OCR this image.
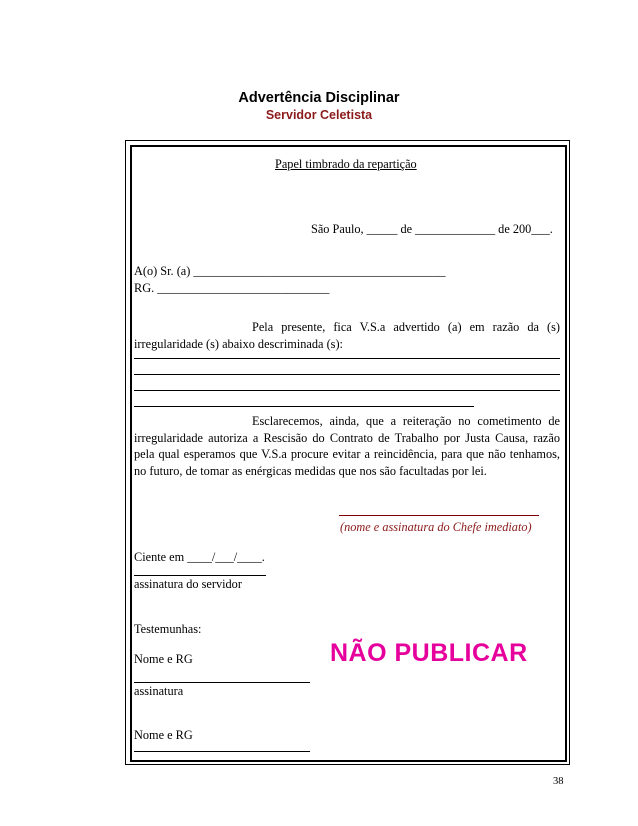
Advertência Disciplinar
Servidor Celetista
Papel timbrado da repartição
São Paulo, _____ de _____________ de 200___.
A(o) Sr. (a) _________________________________________
RG. ____________________________
Pela presente, fica V.S.a advertido (a) em razão da (s) irregularidade (s) abaixo descriminada (s):
Esclarecemos, ainda, que a reiteração no cometimento de irregularidade autoriza a Rescisão do Contrato de Trabalho por Justa Causa, razão pela qual esperamos que V.S.a procure evitar a reincidência, para que não tenhamos, no futuro, de tomar as enérgicas medidas que nos são facultadas por lei.
(nome e assinatura do Chefe imediato)
Ciente em ____/___/____.
assinatura do servidor
Testemunhas:
Nome e RG
assinatura
Nome e RG
NÃO PUBLICAR
38
